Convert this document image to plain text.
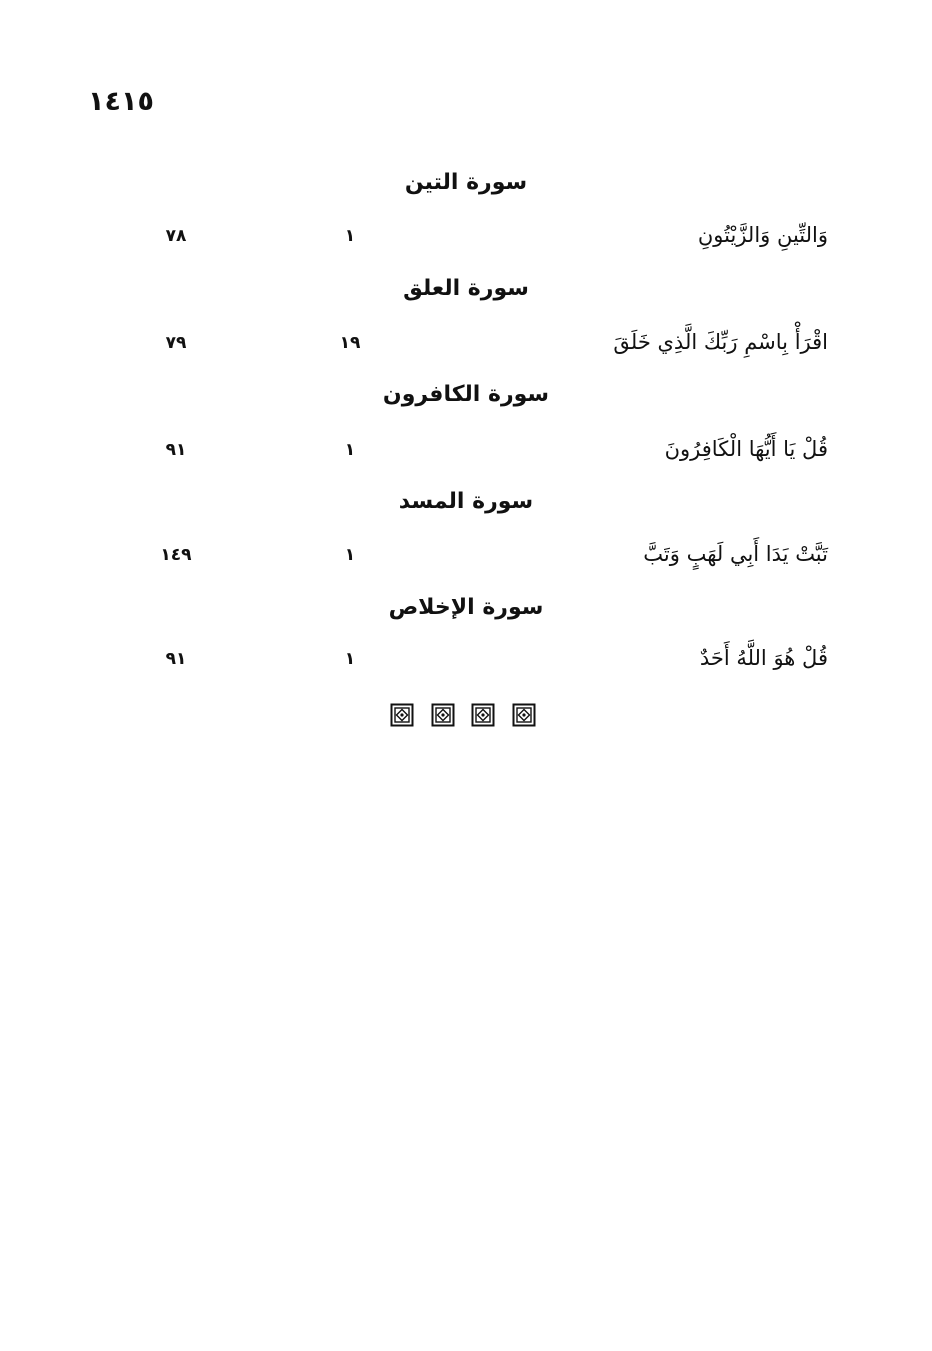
١٤١٥
سورة التين
وَالتِّينِ وَالزَّيْتُونِ
١
٧٨
سورة العلق
اقْرَأْ بِاسْمِ رَبِّكَ الَّذِي خَلَقَ
١٩
٧٩
سورة الكافرون
قُلْ يَا أَيُّهَا الْكَافِرُونَ
١
٩١
سورة المسد
تَبَّتْ يَدَا أَبِي لَهَبٍ وَتَبَّ
١
١٤٩
سورة الإخلاص
قُلْ هُوَ اللَّهُ أَحَدٌ
١
٩١
